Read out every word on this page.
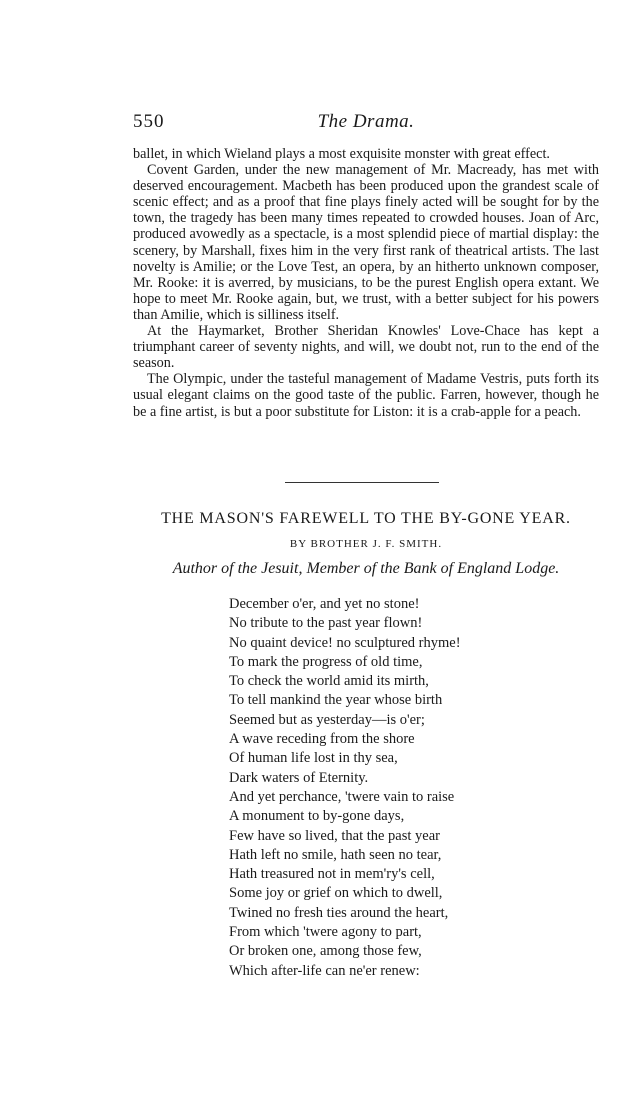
550	The Drama.

ballet, in which Wieland plays a most exquisite monster with great effect.

Covent Garden, under the new management of Mr. Macready, has met with deserved encouragement. Macbeth has been produced upon the grandest scale of scenic effect; and as a proof that fine plays finely acted will be sought for by the town, the tragedy has been many times repeated to crowded houses. Joan of Arc, produced avowedly as a spectacle, is a most splendid piece of martial display: the scenery, by Marshall, fixes him in the very first rank of theatrical artists. The last novelty is Amilie; or the Love Test, an opera, by an hitherto unknown composer, Mr. Rooke: it is averred, by musicians, to be the purest English opera extant. We hope to meet Mr. Rooke again, but, we trust, with a better subject for his powers than Amilie, which is silliness itself.

At the Haymarket, Brother Sheridan Knowles' Love-Chace has kept a triumphant career of seventy nights, and will, we doubt not, run to the end of the season.

The Olympic, under the tasteful management of Madame Vestris, puts forth its usual elegant claims on the good taste of the public. Farren, however, though he be a fine artist, is but a poor substitute for Liston: it is a crab-apple for a peach.

THE MASON'S FAREWELL TO THE BY-GONE YEAR.
BY BROTHER J. F. SMITH.
Author of the Jesuit, Member of the Bank of England Lodge.
December o'er, and yet no stone!
No tribute to the past year flown!
No quaint device! no sculptured rhyme!
To mark the progress of old time,
To check the world amid its mirth,
To tell mankind the year whose birth
Seemed but as yesterday—is o'er;
A wave receding from the shore
Of human life lost in thy sea,
Dark waters of Eternity.
And yet perchance, 'twere vain to raise
A monument to by-gone days,
Few have so lived, that the past year
Hath left no smile, hath seen no tear,
Hath treasured not in mem'ry's cell,
Some joy or grief on which to dwell,
Twined no fresh ties around the heart,
From which 'twere agony to part,
Or broken one, among those few,
Which after-life can ne'er renew:
